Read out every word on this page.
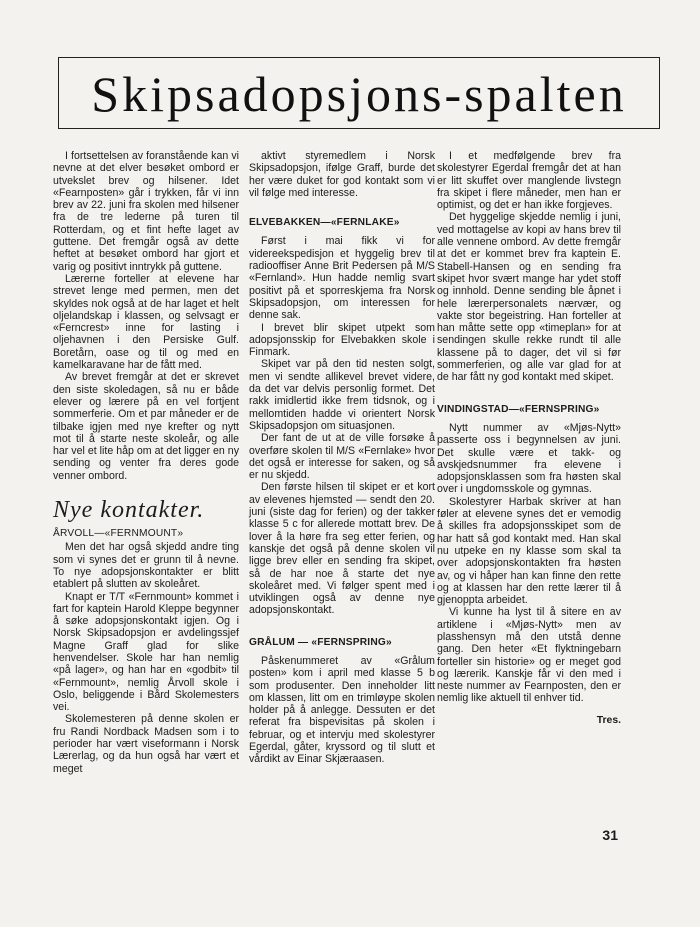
Skipsadopsjons-spalten

I fortsettelsen av foranstående kan vi nevne at det elver besøket ombord er utvekslet brev og hilsener. Idet «Fearnposten» går i trykken, får vi inn brev av 22. juni fra skolen med hilsener fra de tre lederne på turen til Rotterdam, og et fint hefte laget av guttene. Det fremgår også av dette heftet at besøket ombord har gjort et varig og positivt inntrykk på guttene.

Lærerne forteller at elevene har strevet lenge med permen, men det skyldes nok også at de har laget et helt oljelandskap i klassen, og selvsagt er «Ferncrest» inne for lasting i oljehavnen i den Persiske Gulf. Boretårn, oase og til og med en kamelkaravane har de fått med.

Av brevet fremgår at det er skrevet den siste skoledagen, så nu er både elever og lærere på en vel fortjent sommerferie. Om et par måneder er de tilbake igjen med nye krefter og nytt mot til å starte neste skoleår, og alle har vel et lite håp om at det ligger en ny sending og venter fra deres gode venner ombord.

Nye kontakter.
ÅRVOLL—«FERNMOUNT»

Men det har også skjedd andre ting som vi synes det er grunn til å nevne. To nye adopsjonskontakter er blitt etablert på slutten av skoleåret.

Knapt er T/T «Fernmount» kommet i fart for kaptein Harold Kleppe begynner å søke adopsjonskontakt igjen. Og i Norsk Skipsadopsjon er avdelingssjef Magne Graff glad for slike henvendelser. Skole har han nemlig «på lager», og han har en «godbit» til «Fernmount», nemlig Årvoll skole i Oslo, beliggende i Bård Skolemesters vei.

Skolemesteren på denne skolen er fru Randi Nordback Madsen som i to perioder har vært viseformann i Norsk Lærerlag, og da hun også har vært et meget

aktivt styremedlem i Norsk Skipsadopsjon, ifølge Graff, burde det her være duket for god kontakt som vi vil følge med interesse.

ELVEBAKKEN—«FERNLAKE»

Først i mai fikk vi for videreekspedisjon et hyggelig brev til radiooffiser Anne Brit Pedersen på M/S «Fernland». Hun hadde nemlig svart positivt på et sporreskjema fra Norsk Skipsadopsjon, om interessen for denne sak.

I brevet blir skipet utpekt som adopsjonsskip for Elvebakken skole i Finmark.

Skipet var på den tid nesten solgt, men vi sendte allikevel brevet videre, da det var delvis personlig formet. Det rakk imidlertid ikke frem tidsnok, og i mellomtiden hadde vi orientert Norsk Skipsadopsjon om situasjonen.

Der fant de ut at de ville forsøke å overføre skolen til M/S «Fernlake» hvor det også er interesse for saken, og så er nu skjedd.

Den første hilsen til skipet er et kort av elevenes hjemsted — sendt den 20. juni (siste dag for ferien) og der takker klasse 5 c for allerede mottatt brev. De lover å la høre fra seg etter ferien, og kanskje det også på denne skolen vil ligge brev eller en sending fra skipet, så de har noe å starte det nye skoleåret med. Vi følger spent med i utviklingen også av denne nye adopsjonskontakt.

GRÅLUM — «FERNSPRING»

Påskenummeret av «Grålum posten» kom i april med klasse 5 b som produsenter. Den inneholder litt om klassen, litt om en trimløype skolen holder på å anlegge. Dessuten er det referat fra bispevisitas på skolen i februar, og et intervju med skolestyrer Egerdal, gåter, kryssord og til slutt et vårdikt av Einar Skjæraasen.

I et medfølgende brev fra skolestyrer Egerdal fremgår det at han er litt skuffet over manglende livstegn fra skipet i flere måneder, men han er optimist, og det er han ikke forgjeves.

Det hyggelige skjedde nemlig i juni, ved mottagelse av kopi av hans brev til alle vennene ombord. Av dette fremgår at det er kommet brev fra kaptein E. Stabell-Hansen og en sending fra skipet hvor svært mange har ydet stoff og innhold. Denne sending ble åpnet i hele lærerpersonalets nærvær, og vakte stor begeistring. Han forteller at han måtte sette opp «timeplan» for at sendingen skulle rekke rundt til alle klassene på to dager, det vil si før sommerferien, og alle var glad for at de har fått ny god kontakt med skipet.

VINDINGSTAD—«FERNSPRING»

Nytt nummer av «Mjøs-Nytt» passerte oss i begynnelsen av juni. Det skulle være et takk- og avskjedsnummer fra elevene i adopsjonsklassen som fra høsten skal over i ungdomsskole og gymnas.

Skolestyrer Harbak skriver at han føler at elevene synes det er vemodig å skilles fra adopsjonsskipet som de har hatt så god kontakt med. Han skal nu utpeke en ny klasse som skal ta over adopsjonskontakten fra høsten av, og vi håper han kan finne den rette og at klassen har den rette lærer til å gjenoppta arbeidet.

Vi kunne ha lyst til å sitere en av artiklene i «Mjøs-Nytt» men av plasshensyn må den utstå denne gang. Den heter «Et flyktningebarn forteller sin historie» og er meget god og lærerik. Kanskje får vi den med i neste nummer av Fearnposten, den er nemlig like aktuell til enhver tid.

Tres.
31
